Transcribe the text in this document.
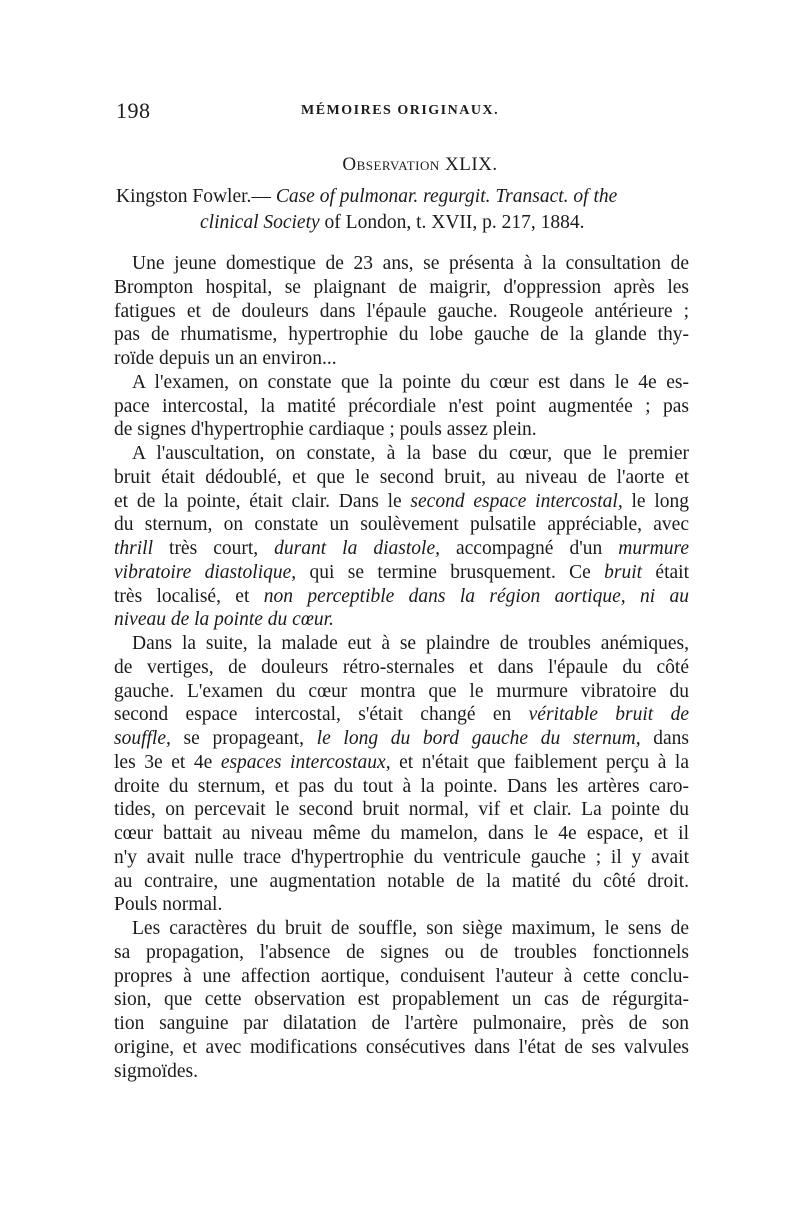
198	MÉMOIRES ORIGINAUX.
Observation XLIX.
Kingston Fowler.— Case of pulmonar. regurgit. Transact. of the
clinical Society of London, t. XVII, p. 217, 1884.

Une jeune domestique de 23 ans, se présenta à la consultation de
Brompton hospital, se plaignant de maigrir, d'oppression après les
fatigues et de douleurs dans l'épaule gauche. Rougeole antérieure ;
pas de rhumatisme, hypertrophie du lobe gauche de la glande thy-
roïde depuis un an environ...

A l'examen, on constate que la pointe du cœur est dans le 4e es-
pace intercostal, la matité précordiale n'est point augmentée ; pas
de signes d'hypertrophie cardiaque ; pouls assez plein.

A l'auscultation, on constate, à la base du cœur, que le premier
bruit était dédoublé, et que le second bruit, au niveau de l'aorte et
et de la pointe, était clair. Dans le second espace intercostal, le long
du sternum, on constate un soulèvement pulsatile appréciable, avec
thrill très court, durant la diastole, accompagné d'un murmure
vibratoire diastolique, qui se termine brusquement. Ce bruit était
très localisé, et non perceptible dans la région aortique, ni au
niveau de la pointe du cœur.

Dans la suite, la malade eut à se plaindre de troubles anémiques,
de vertiges, de douleurs rétro-sternales et dans l'épaule du côté
gauche. L'examen du cœur montra que le murmure vibratoire du
second espace intercostal, s'était changé en véritable bruit de
souffle, se propageant, le long du bord gauche du sternum, dans
les 3e et 4e espaces intercostaux, et n'était que faiblement perçu à la
droite du sternum, et pas du tout à la pointe. Dans les artères caro-
tides, on percevait le second bruit normal, vif et clair. La pointe du
cœur battait au niveau même du mamelon, dans le 4e espace, et il
n'y avait nulle trace d'hypertrophie du ventricule gauche ; il y avait
au contraire, une augmentation notable de la matité du côté droit.
Pouls normal.

Les caractères du bruit de souffle, son siège maximum, le sens de
sa propagation, l'absence de signes ou de troubles fonctionnels
propres à une affection aortique, conduisent l'auteur à cette conclu-
sion, que cette observation est propablement un cas de régurgita-
tion sanguine par dilatation de l'artère pulmonaire, près de son
origine, et avec modifications consécutives dans l'état de ses valvules
sigmoïdes.
